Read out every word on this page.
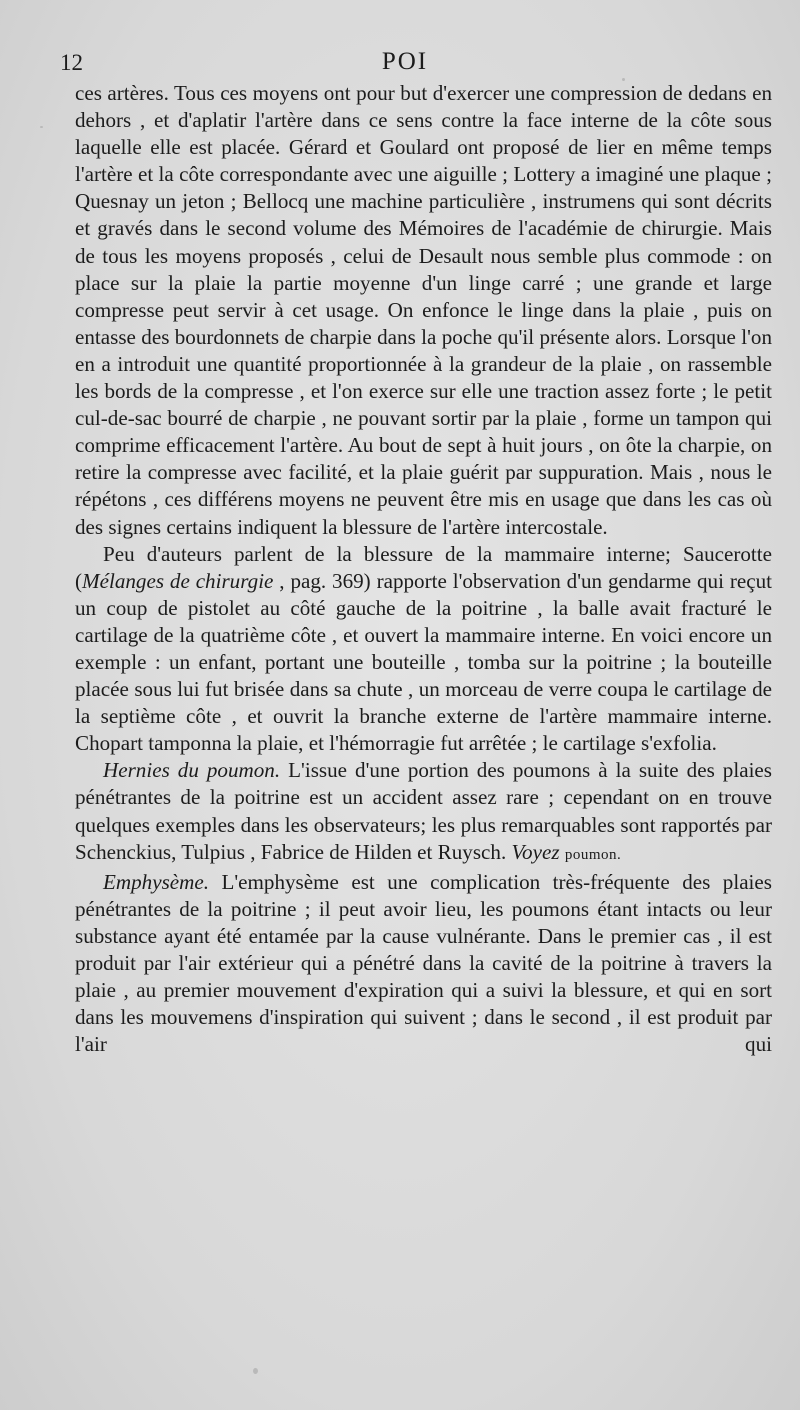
12	POI

ces artères. Tous ces moyens ont pour but d'exercer une compression de dedans en dehors , et d'aplatir l'artère dans ce sens contre la face interne de la côte sous laquelle elle est placée. Gérard et Goulard ont proposé de lier en même temps l'artère et la côte correspondante avec une aiguille ; Lottery a imaginé une plaque ; Quesnay un jeton ; Bellocq une machine particulière , instrumens qui sont décrits et gravés dans le second volume des Mémoires de l'académie de chirurgie. Mais de tous les moyens proposés , celui de Desault nous semble plus commode : on place sur la plaie la partie moyenne d'un linge carré ; une grande et large compresse peut servir à cet usage. On enfonce le linge dans la plaie , puis on entasse des bourdonnets de charpie dans la poche qu'il présente alors. Lorsque l'on en a introduit une quantité proportionnée à la grandeur de la plaie , on rassemble les bords de la compresse , et l'on exerce sur elle une traction assez forte ; le petit cul-de-sac bourré de charpie , ne pouvant sortir par la plaie , forme un tampon qui comprime efficacement l'artère. Au bout de sept à huit jours , on ôte la charpie, on retire la compresse avec facilité, et la plaie guérit par suppuration. Mais , nous le répétons , ces différens moyens ne peuvent être mis en usage que dans les cas où des signes certains indiquent la blessure de l'artère intercostale.

Peu d'auteurs parlent de la blessure de la mammaire interne; Saucerotte (Mélanges de chirurgie , pag. 369) rapporte l'observation d'un gendarme qui reçut un coup de pistolet au côté gauche de la poitrine , la balle avait fracturé le cartilage de la quatrième côte , et ouvert la mammaire interne. En voici encore un exemple : un enfant, portant une bouteille , tomba sur la poitrine ; la bouteille placée sous lui fut brisée dans sa chute , un morceau de verre coupa le cartilage de la septième côte , et ouvrit la branche externe de l'artère mammaire interne. Chopart tamponna la plaie, et l'hémorragie fut arrêtée ; le cartilage s'exfolia.

Hernies du poumon. L'issue d'une portion des poumons à la suite des plaies pénétrantes de la poitrine est un accident assez rare ; cependant on en trouve quelques exemples dans les observateurs; les plus remarquables sont rapportés par Schenckius, Tulpius , Fabrice de Hilden et Ruysch. Voyez poumon.

Emphysème. L'emphysème est une complication très-fréquente des plaies pénétrantes de la poitrine ; il peut avoir lieu, les poumons étant intacts ou leur substance ayant été entamée par la cause vulnérante. Dans le premier cas , il est produit par l'air extérieur qui a pénétré dans la cavité de la poitrine à travers la plaie , au premier mouvement d'expiration qui a suivi la blessure, et qui en sort dans les mouvemens d'inspiration qui suivent ; dans le second , il est produit par l'air qui
